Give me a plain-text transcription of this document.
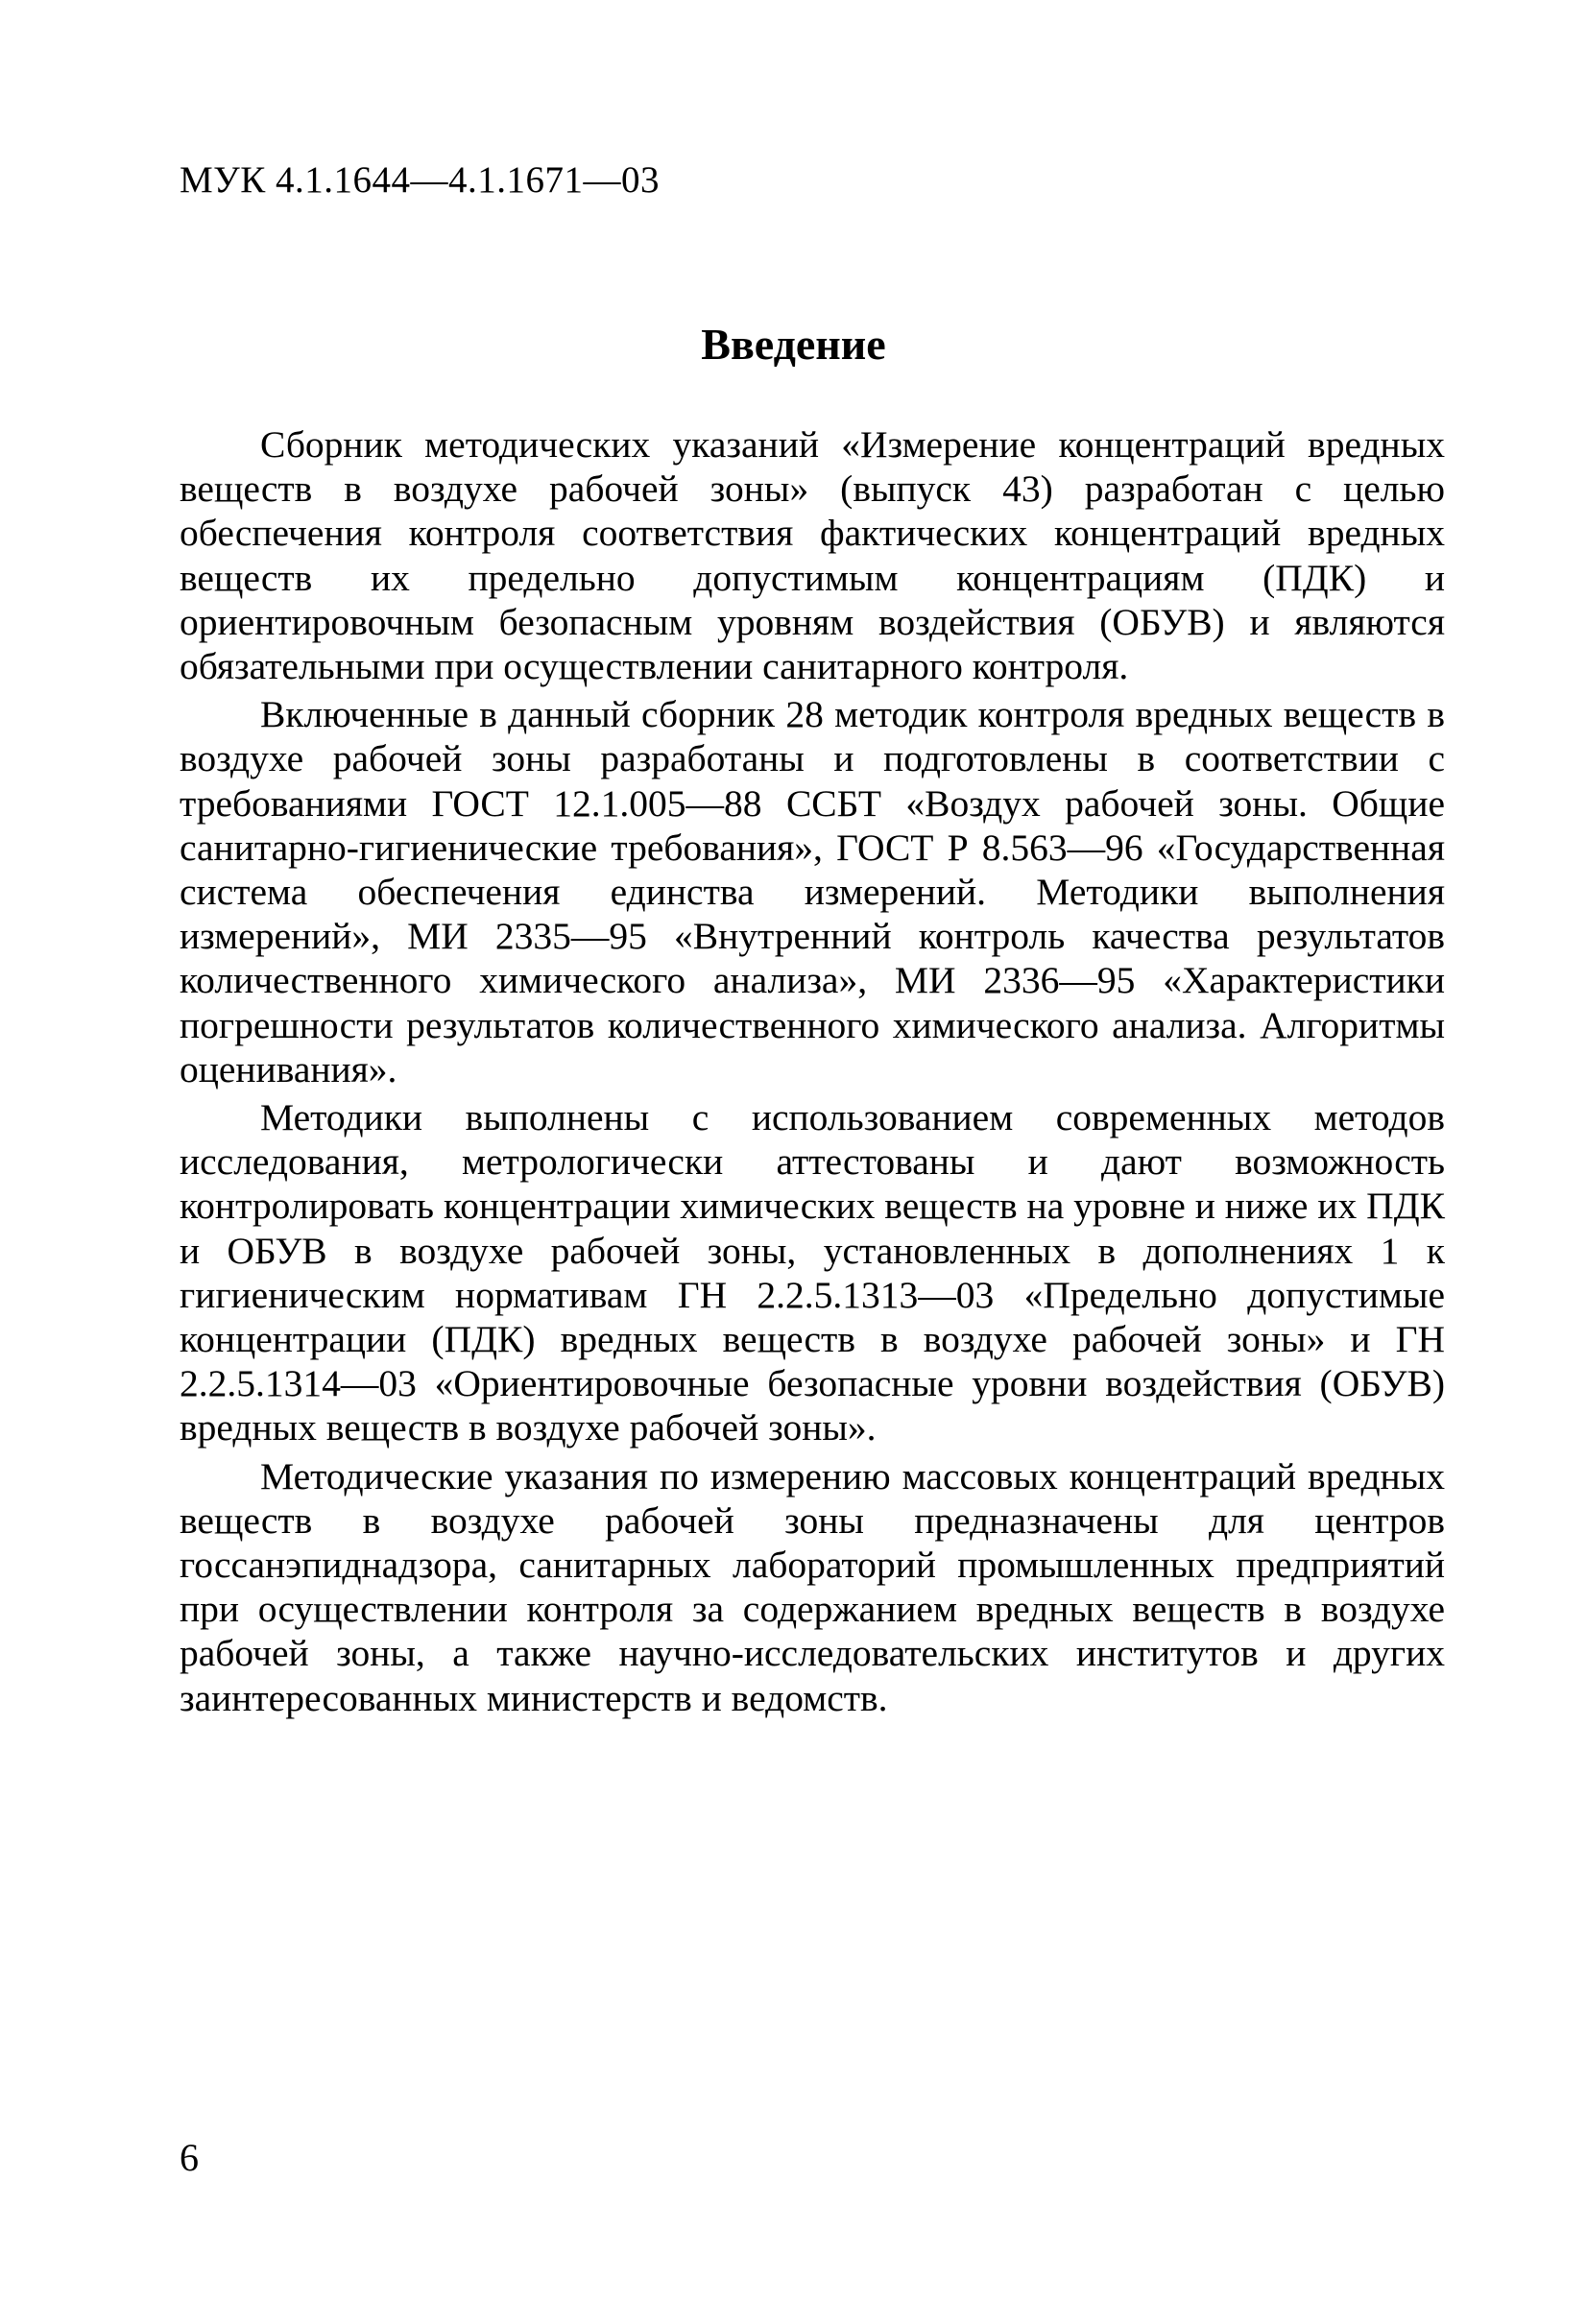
МУК 4.1.1644—4.1.1671—03
Введение

Сборник методических указаний «Измерение концентраций вредных веществ в воздухе рабочей зоны» (выпуск 43) разработан с целью обеспечения контроля соответствия фактических концентраций вредных веществ их предельно допустимым концентрациям (ПДК) и ориентировочным безопасным уровням воздействия (ОБУВ) и являются обязательными при осуществлении санитарного контроля.

Включенные в данный сборник 28 методик контроля вредных веществ в воздухе рабочей зоны разработаны и подготовлены в соответствии с требованиями ГОСТ 12.1.005—88 ССБТ «Воздух рабочей зоны. Общие санитарно-гигиенические требования», ГОСТ Р 8.563—96 «Государственная система обеспечения единства измерений. Методики выполнения измерений», МИ 2335—95 «Внутренний контроль качества результатов количественного химического анализа», МИ 2336—95 «Характеристики погрешности результатов количественного химического анализа. Алгоритмы оценивания».

Методики выполнены с использованием современных методов исследования, метрологически аттестованы и дают возможность контролировать концентрации химических веществ на уровне и ниже их ПДК и ОБУВ в воздухе рабочей зоны, установленных в дополнениях 1 к гигиеническим нормативам ГН 2.2.5.1313—03 «Предельно допустимые концентрации (ПДК) вредных веществ в воздухе рабочей зоны» и ГН 2.2.5.1314—03 «Ориентировочные безопасные уровни воздействия (ОБУВ) вредных веществ в воздухе рабочей зоны».

Методические указания по измерению массовых концентраций вредных веществ в воздухе рабочей зоны предназначены для центров госсанэпиднадзора, санитарных лабораторий промышленных предприятий при осуществлении контроля за содержанием вредных веществ в воздухе рабочей зоны, а также научно-исследовательских институтов и других заинтересованных министерств и ведомств.

6
